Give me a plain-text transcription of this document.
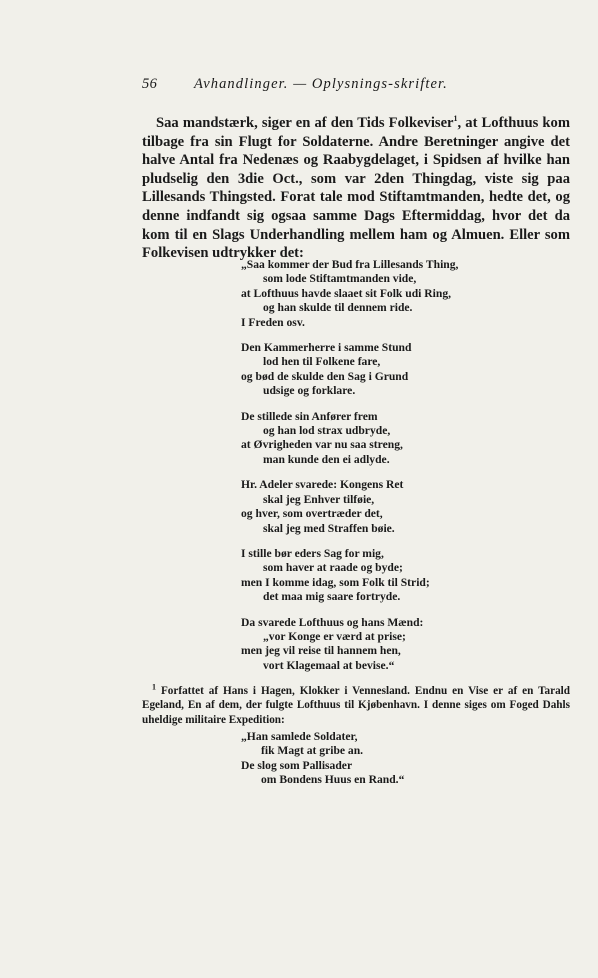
56	Avhandlinger. — Oplysnings-skrifter.

Saa mandstærk, siger en af den Tids Folkeviser$^1$, at Lofthuus kom tilbage fra sin Flugt for Soldaterne. Andre Beretninger angive det halve Antal fra Nedenæs og Raabygdelaget, i Spidsen af hvilke han pludselig den 3die Oct., som var 2den Thingdag, viste sig paa Lillesands Thingsted. Forat tale mod Stiftamtmanden, hedte det, og denne indfandt sig ogsaa samme Dags Eftermiddag, hvor det da kom til en Slags Underhandling mellem ham og Almuen. Eller som Folkevisen udtrykker det:

„Saa kommer der Bud fra Lillesands Thing,
som lode Stiftamtmanden vide,
at Lofthuus havde slaaet sit Folk udi Ring,
og han skulde til dennem ride.
I Freden osv.
Den Kammerherre i samme Stund
lod hen til Folkene fare,
og bød de skulde den Sag i Grund
udsige og forklare.
De stillede sin Anfører frem
og han lod strax udbryde,
at Øvrigheden var nu saa streng,
man kunde den ei adlyde.
Hr. Adeler svarede: Kongens Ret
skal jeg Enhver tilføie,
og hver, som overtræder det,
skal jeg med Straffen bøie.
I stille bør eders Sag for mig,
som haver at raade og byde;
men I komme idag, som Folk til Strid;
det maa mig saare fortryde.
Da svarede Lofthuus og hans Mænd:
„vor Konge er værd at prise;
men jeg vil reise til hannem hen,
vort Klagemaal at bevise.“

$^1$ Forfattet af Hans i Hagen, Klokker i Vennesland. Endnu en Vise er af en Tarald Egeland, En af dem, der fulgte Lofthuus til Kjøbenhavn. I denne siges om Foged Dahls uheldige militaire Expedition:

„Han samlede Soldater,
fik Magt at gribe an.
De slog som Pallisader
om Bondens Huus en Rand.“
